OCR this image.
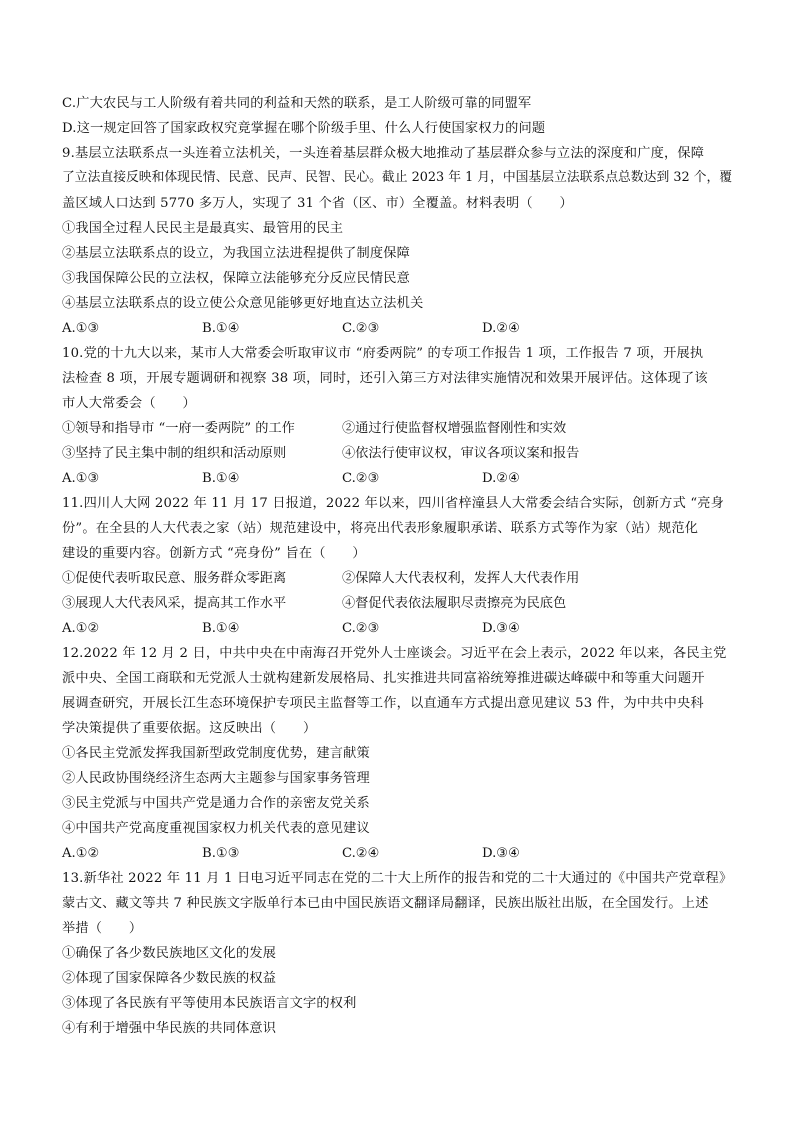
C.广大农民与工人阶级有着共同的利益和天然的联系，是工人阶级可靠的同盟军
D.这一规定回答了国家政权究竟掌握在哪个阶级手里、什么人行使国家权力的问题
9.基层立法联系点一头连着立法机关，一头连着基层群众极大地推动了基层群众参与立法的深度和广度，保障
了立法直接反映和体现民情、民意、民声、民智、民心。截止 2023 年 1 月，中国基层立法联系点总数达到 32 个，覆
盖区域人口达到 5770 多万人，实现了 31 个省（区、市）全覆盖。材料表明（　　）
①我国全过程人民民主是最真实、最管用的民主
②基层立法联系点的设立，为我国立法进程提供了制度保障
③我国保障公民的立法权，保障立法能够充分反应民情民意
④基层立法联系点的设立使公众意见能够更好地直达立法机关
A.①③	B.①④	C.②③	D.②④
10.党的十九大以来，某市人大常委会听取审议市 “府委两院” 的专项工作报告 1 项，工作报告 7 项，开展执
法检查 8 项，开展专题调研和视察 38 项，同时，还引入第三方对法律实施情况和效果开展评估。这体现了该
市人大常委会（　　）
①领导和指导市 “一府一委两院” 的工作	②通过行使监督权增强监督刚性和实效
③坚持了民主集中制的组织和活动原则	④依法行使审议权，审议各项议案和报告
A.①③	B.①④	C.②③	D.②④
11.四川人大网 2022 年 11 月 17 日报道，2022 年以来，四川省梓潼县人大常委会结合实际，创新方式 “亮身
份”。在全县的人大代表之家（站）规范建设中，将亮出代表形象履职承诺、联系方式等作为家（站）规范化
建设的重要内容。创新方式 “亮身份” 旨在（　　）
①促使代表听取民意、服务群众零距离	②保障人大代表权利，发挥人大代表作用
③展现人大代表风采，提高其工作水平	④督促代表依法履职尽责擦亮为民底色
A.①②	B.①④	C.②③	D.③④
12.2022 年 12 月 2 日，中共中央在中南海召开党外人士座谈会。习近平在会上表示，2022 年以来，各民主党
派中央、全国工商联和无党派人士就构建新发展格局、扎实推进共同富裕统筹推进碳达峰碳中和等重大问题开
展调查研究，开展长江生态环境保护专项民主监督等工作，以直通车方式提出意见建议 53 件，为中共中央科
学决策提供了重要依据。这反映出（　　）
①各民主党派发挥我国新型政党制度优势，建言献策
②人民政协围绕经济生态两大主题参与国家事务管理
③民主党派与中国共产党是通力合作的亲密友党关系
④中国共产党高度重视国家权力机关代表的意见建议
A.①②	B.①③	C.②④	D.③④
13.新华社 2022 年 11 月 1 日电习近平同志在党的二十大上所作的报告和党的二十大通过的《中国共产党章程》
蒙古文、藏文等共 7 种民族文字版单行本已由中国民族语文翻译局翻译，民族出版社出版，在全国发行。上述
举措（　　）
①确保了各少数民族地区文化的发展
②体现了国家保障各少数民族的权益
③体现了各民族有平等使用本民族语言文字的权利
④有利于增强中华民族的共同体意识
